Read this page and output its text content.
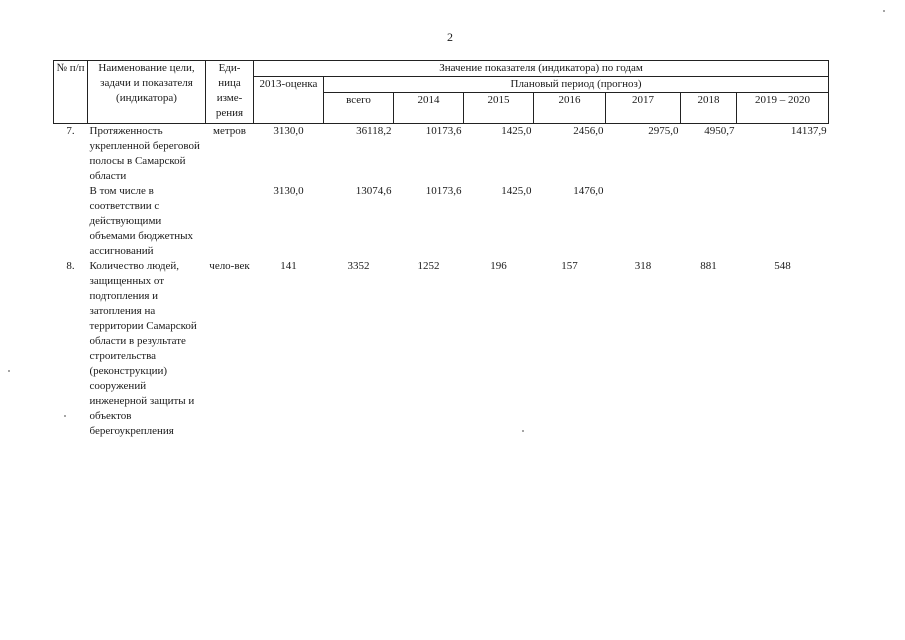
2
№ п/п	Наименование цели, задачи и показателя (индикатора)	Еди-ница изме-рения	Значение показателя (индикатора) по годам							
			2013-оценка	Плановый период (прогноз)						
				всего	2014	2015	2016	2017	2018	2019 – 2020
7.	Протяженность укрепленной береговой полосы в Самарской области	метров	3130,0	36118,2	10173,6	1425,0	2456,0	2975,0	4950,7	14137,9
	В том числе в соответствии с действующими объемами бюджетных ассигнований		3130,0	13074,6	10173,6	1425,0	1476,0			
8.	Количество людей, защищенных от подтопления и затопления на территории Самарской области в результате строительства (реконструкции) сооружений инженерной защиты и объектов берегоукрепления	чело-век	141	3352	1252	196	157	318	881	548
